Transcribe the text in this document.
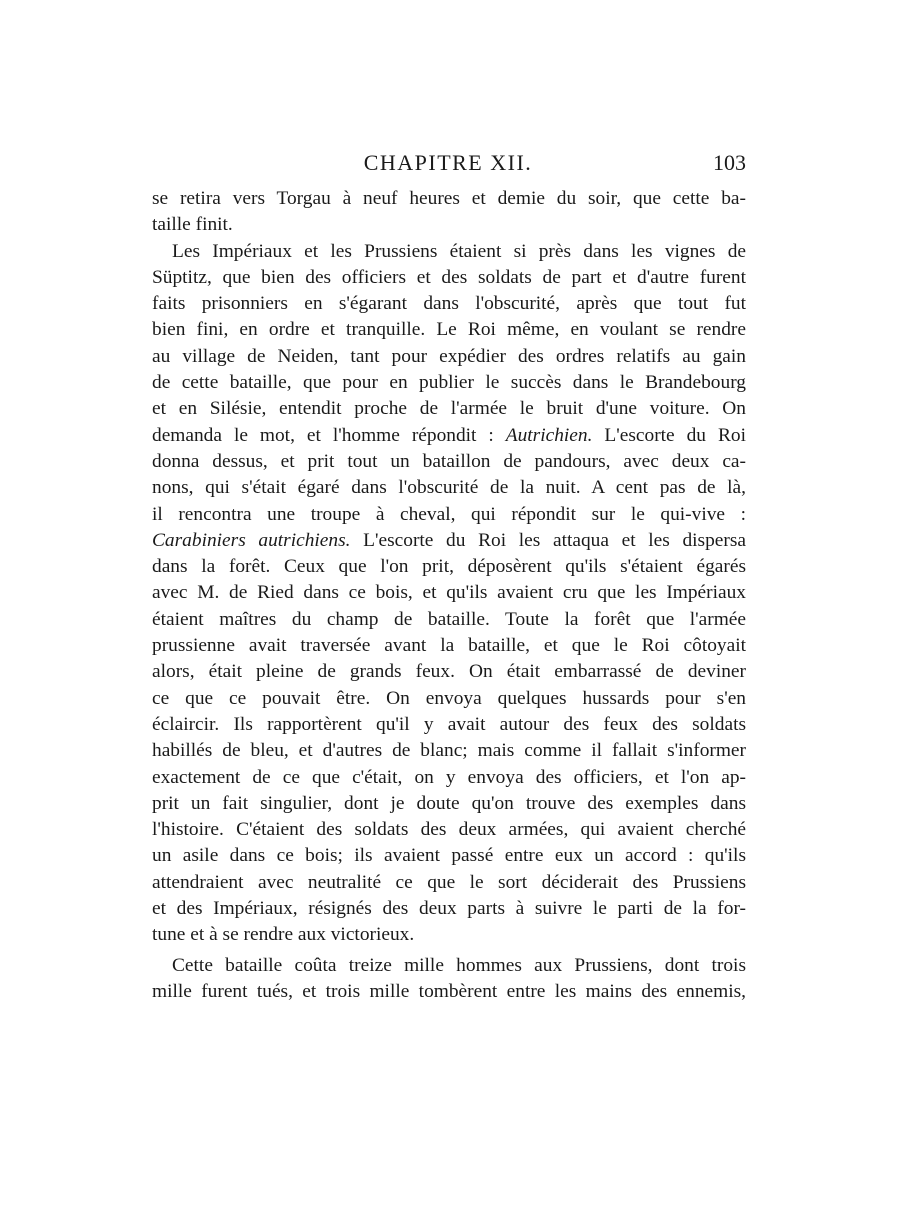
CHAPITRE XII.	103
se retira vers Torgau à neuf heures et demie du soir, que cette ba-
taille finit.
Les Impériaux et les Prussiens étaient si près dans les vignes de
Süptitz, que bien des officiers et des soldats de part et d'autre furent
faits prisonniers en s'égarant dans l'obscurité, après que tout fut
bien fini, en ordre et tranquille. Le Roi même, en voulant se rendre
au village de Neiden, tant pour expédier des ordres relatifs au gain
de cette bataille, que pour en publier le succès dans le Brandebourg
et en Silésie, entendit proche de l'armée le bruit d'une voiture. On
demanda le mot, et l'homme répondit : Autrichien. L'escorte du Roi
donna dessus, et prit tout un bataillon de pandours, avec deux ca-
nons, qui s'était égaré dans l'obscurité de la nuit. A cent pas de là,
il rencontra une troupe à cheval, qui répondit sur le qui-vive :
Carabiniers autrichiens. L'escorte du Roi les attaqua et les dispersa
dans la forêt. Ceux que l'on prit, déposèrent qu'ils s'étaient égarés
avec M. de Ried dans ce bois, et qu'ils avaient cru que les Impériaux
étaient maîtres du champ de bataille. Toute la forêt que l'armée
prussienne avait traversée avant la bataille, et que le Roi côtoyait
alors, était pleine de grands feux. On était embarrassé de deviner
ce que ce pouvait être. On envoya quelques hussards pour s'en
éclaircir. Ils rapportèrent qu'il y avait autour des feux des soldats
habillés de bleu, et d'autres de blanc; mais comme il fallait s'informer
exactement de ce que c'était, on y envoya des officiers, et l'on ap-
prit un fait singulier, dont je doute qu'on trouve des exemples dans
l'histoire. C'étaient des soldats des deux armées, qui avaient cherché
un asile dans ce bois; ils avaient passé entre eux un accord : qu'ils
attendraient avec neutralité ce que le sort déciderait des Prussiens
et des Impériaux, résignés des deux parts à suivre le parti de la for-
tune et à se rendre aux victorieux.
Cette bataille coûta treize mille hommes aux Prussiens, dont trois
mille furent tués, et trois mille tombèrent entre les mains des ennemis,
